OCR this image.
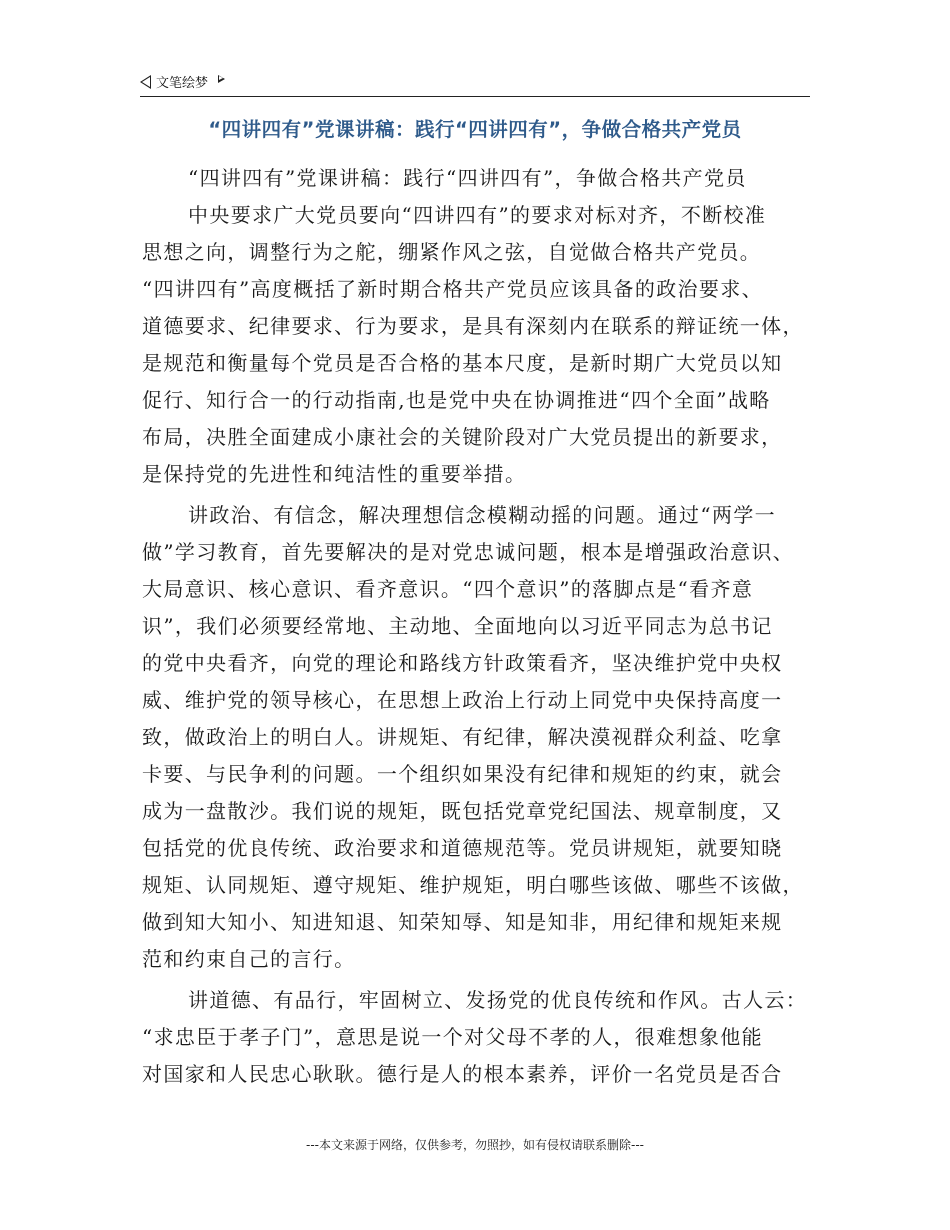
文笔绘梦
“四讲四有”党课讲稿：践行“四讲四有”，争做合格共产党员
“四讲四有”党课讲稿：践行“四讲四有”，争做合格共产党员
中央要求广大党员要向“四讲四有”的要求对标对齐，不断校准
思想之向，调整行为之舵，绷紧作风之弦，自觉做合格共产党员。
“四讲四有”高度概括了新时期合格共产党员应该具备的政治要求、
道德要求、纪律要求、行为要求，是具有深刻内在联系的辩证统一体，
是规范和衡量每个党员是否合格的基本尺度，是新时期广大党员以知
促行、知行合一的行动指南,也是党中央在协调推进“四个全面”战略
布局，决胜全面建成小康社会的关键阶段对广大党员提出的新要求，
是保持党的先进性和纯洁性的重要举措。
讲政治、有信念，解决理想信念模糊动摇的问题。通过“两学一
做”学习教育，首先要解决的是对党忠诚问题，根本是增强政治意识、
大局意识、核心意识、看齐意识。“四个意识”的落脚点是“看齐意
识”，我们必须要经常地、主动地、全面地向以习近平同志为总书记
的党中央看齐，向党的理论和路线方针政策看齐，坚决维护党中央权
威、维护党的领导核心，在思想上政治上行动上同党中央保持高度一
致，做政治上的明白人。讲规矩、有纪律，解决漠视群众利益、吃拿
卡要、与民争利的问题。一个组织如果没有纪律和规矩的约束，就会
成为一盘散沙。我们说的规矩，既包括党章党纪国法、规章制度，又
包括党的优良传统、政治要求和道德规范等。党员讲规矩，就要知晓
规矩、认同规矩、遵守规矩、维护规矩，明白哪些该做、哪些不该做，
做到知大知小、知进知退、知荣知辱、知是知非，用纪律和规矩来规
范和约束自己的言行。
讲道德、有品行，牢固树立、发扬党的优良传统和作风。古人云：
“求忠臣于孝子门”，意思是说一个对父母不孝的人，很难想象他能
对国家和人民忠心耿耿。德行是人的根本素养，评价一名党员是否合
---本文来源于网络，仅供参考，勿照抄，如有侵权请联系删除---
